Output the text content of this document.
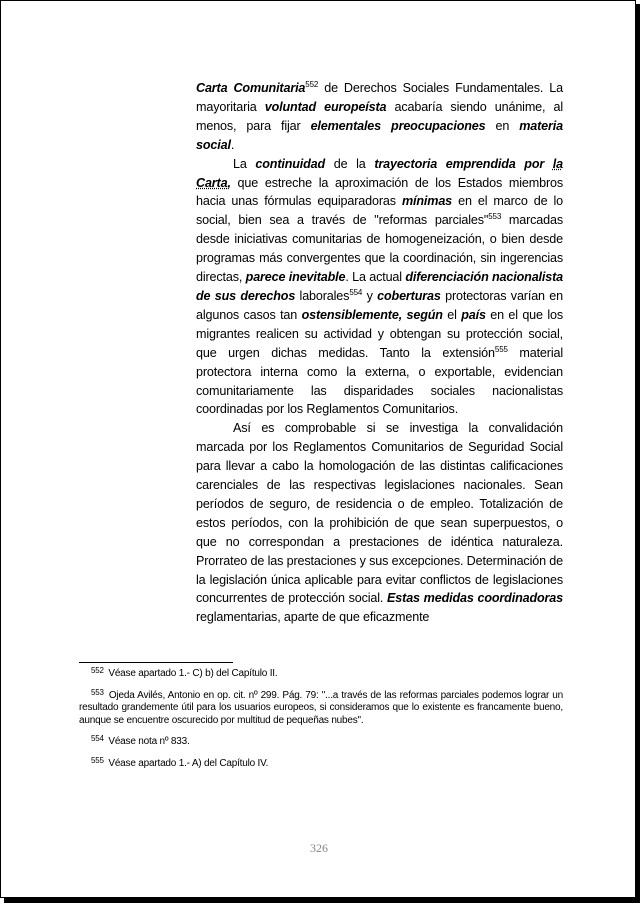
Carta Comunitaria$^{552}$ de Derechos Sociales Fundamentales. La mayoritaria voluntad europeísta acabaría siendo unánime, al menos, para fijar elementales preocupaciones en materia social.

La continuidad de la trayectoria emprendida por la Carta, que estreche la aproximación de los Estados miembros hacia unas fórmulas equiparadoras mínimas en el marco de lo social, bien sea a través de "reformas parciales"$^{553}$ marcadas desde iniciativas comunitarias de homogeneización, o bien desde programas más convergentes que la coordinación, sin ingerencias directas, parece inevitable. La actual diferenciación nacionalista de sus derechos laborales$^{554}$ y coberturas protectoras varían en algunos casos tan ostensiblemente, según el país en el que los migrantes realicen su actividad y obtengan su protección social, que urgen dichas medidas. Tanto la extensión$^{555}$ material protectora interna como la externa, o exportable, evidencian comunitariamente las disparidades sociales nacionalistas coordinadas por los Reglamentos Comunitarios.

Así es comprobable si se investiga la convalidación marcada por los Reglamentos Comunitarios de Seguridad Social para llevar a cabo la homologación de las distintas calificaciones carenciales de las respectivas legislaciones nacionales. Sean períodos de seguro, de residencia o de empleo. Totalización de estos períodos, con la prohibición de que sean superpuestos, o que no correspondan a prestaciones de idéntica naturaleza. Prorrateo de las prestaciones y sus excepciones. Determinación de la legislación única aplicable para evitar conflictos de legislaciones concurrentes de protección social. Estas medidas coordinadoras reglamentarias, aparte de que eficazmente

$^{552}$ Véase apartado 1.- C) b) del Capítulo II.

$^{553}$ Ojeda Avilés, Antonio en op. cit. nº 299. Pág. 79: "...a través de las reformas parciales podemos lograr un resultado grandemente útil para los usuarios europeos, si consideramos que lo existente es francamente bueno, aunque se encuentre oscurecido por multitud de pequeñas nubes".

$^{554}$ Véase nota nº 833.

$^{555}$ Véase apartado 1.- A) del Capítulo IV.

326
